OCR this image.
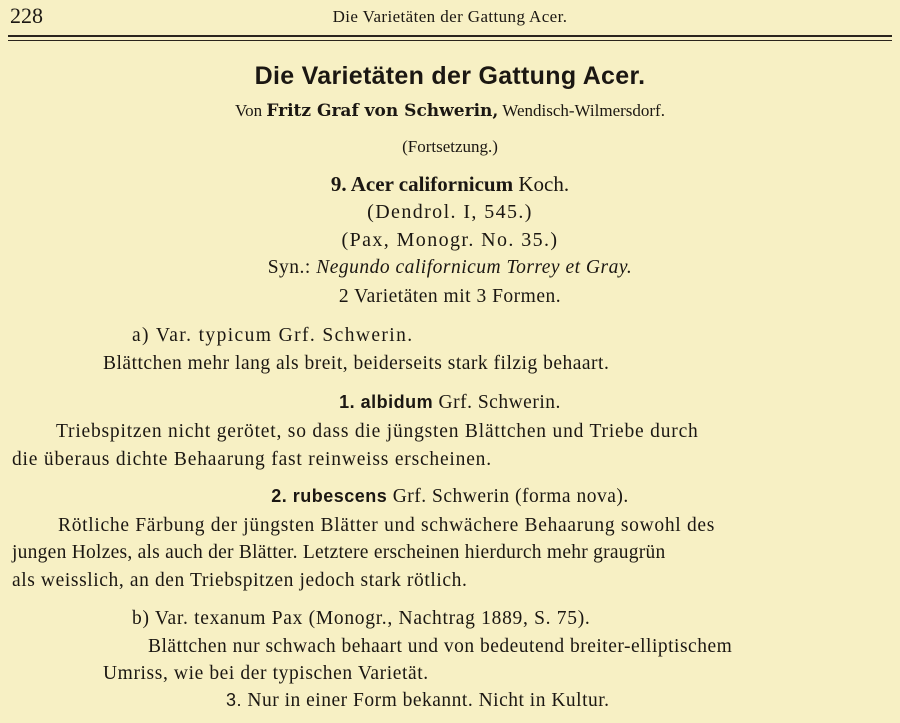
228	Die Varietäten der Gattung Acer.
Die Varietäten der Gattung Acer.
Von Fritz Graf von Schwerin, Wendisch-Wilmersdorf.
(Fortsetzung.)
9. Acer californicum Koch.
(Dendrol. I, 545.)
(Pax, Monogr. No. 35.)
Syn.: Negundo californicum Torrey et Gray.
2 Varietäten mit 3 Formen.
a) Var. typicum Grf. Schwerin.
Blättchen mehr lang als breit, beiderseits stark filzig behaart.
1. albidum Grf. Schwerin.
Triebspitzen nicht gerötet, so dass die jüngsten Blättchen und Triebe durch
die überaus dichte Behaarung fast reinweiss erscheinen.
2. rubescens Grf. Schwerin (forma nova).
Rötliche Färbung der jüngsten Blätter und schwächere Behaarung sowohl des
jungen Holzes, als auch der Blätter. Letztere erscheinen hierdurch mehr graugrün
als weisslich, an den Triebspitzen jedoch stark rötlich.
b) Var. texanum Pax (Monogr., Nachtrag 1889, S. 75).
Blättchen nur schwach behaart und von bedeutend breiter-elliptischem
Umriss, wie bei der typischen Varietät.
3. Nur in einer Form bekannt. Nicht in Kultur.
